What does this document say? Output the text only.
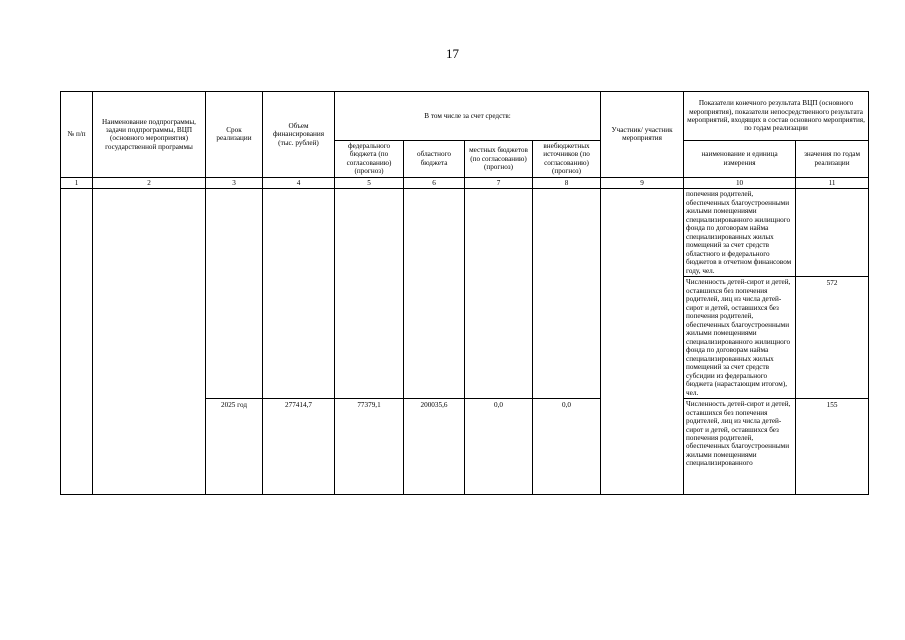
17
№ п/п	Наименование подпрограммы, задачи подпрограммы, ВЦП (основного мероприятия) государственной программы	Срок реализации	Объем финансирования (тыс. рублей)	В том числе за счет средств:				Участник/ участник мероприятия	Показатели конечного результата ВЦП (основного мероприятия), показатели непосредственного результата мероприятий, входящих в состав основного мероприятия, по годам реализации	
				федерального бюджета (по согласованию) (прогноз)	областного бюджета	местных бюджетов (по согласованию) (прогноз)	внебюджетных источников (по согласованию) (прогноз)		наименование и единица измерения	значения по годам реализации
1	2	3	4	5	6	7	8	9	10	11
									попечения родителей, обеспеченных благоустроенными жилыми помещениями специализированного жилищного фонда по договорам найма специализированных жилых помещений за счет средств областного и федерального бюджетов в отчетном финансовом году, чел.	
									Численность детей-сирот и детей, оставшихся без попечения родителей, лиц из числа детей-сирот и детей, оставшихся без попечения родителей, обеспеченных благоустроенными жилыми помещениями специализированного жилищного фонда по договорам найма специализированных жилых помещений за счет средств субсидии из федерального бюджета (нарастающим итогом), чел.	572
		2025 год	277414,7	77379,1	200035,6	0,0	0,0		Численность детей-сирот и детей, оставшихся без попечения родителей, лиц из числа детей-сирот и детей, оставшихся без попечения родителей, обеспеченных благоустроенными жилыми помещениями специализированного	155
